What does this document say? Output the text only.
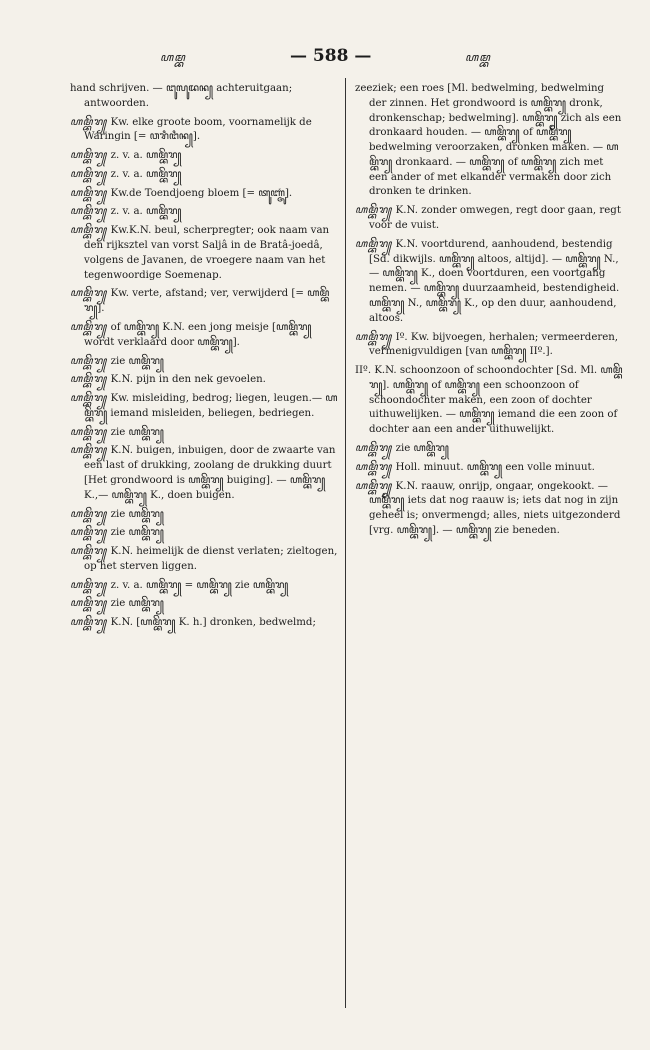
ꦲꦩ꧀ꦧ	— 588 —	ꦲꦩ꧀ꦧ

hand schrijven. — ꦔꦸꦭꦸꦢꦤ꧀ achteruitgaan; antwoorden.

ꦲꦩ꧀ꦧꦼꦫ꧀ Kw. elke groote boom, voornamelijk de Waringin [= ꦮꦫꦶꦔꦶꦤ꧀].

ꦲꦩ꧀ꦧꦼꦫ꧀ z. v. a. ꦲꦩ꧀ꦧꦼꦫ꧀

ꦲꦩ꧀ꦧꦼꦫ꧀ z. v. a. ꦲꦩ꧀ꦧꦼꦫ꧀

ꦲꦩ꧀ꦧꦼꦫ꧀ Kw.de Toendjoeng bloem [= ꦠꦸꦚ꧀ꦗꦸꦁ].

ꦲꦩ꧀ꦧꦼꦫ꧀ z. v. a. ꦲꦩ꧀ꦧꦼꦫ꧀

ꦲꦩ꧀ꦧꦼꦫ꧀ Kw.K.N. beul, scherpregter; ook naam van den rijksztel van vorst Saljâ in de Bratâ-joedâ, volgens de Javanen, de vroegere naam van het tegenwoordige Soemenap.

ꦲꦩ꧀ꦧꦼꦫ꧀ Kw. verte, afstand; ver, verwijderd [= ꦲꦩ꧀ꦧꦼꦫ꧀].

ꦲꦩ꧀ꦧꦼꦫ꧀ of ꦲꦩ꧀ꦧꦼꦫ꧀ K.N. een jong meisje [ꦲꦩ꧀ꦧꦼꦫ꧀ wordt verklaard door ꦲꦩ꧀ꦧꦼꦫ꧀].

ꦲꦩ꧀ꦧꦼꦫ꧀ zie ꦲꦩ꧀ꦧꦼꦫ꧀

ꦲꦩ꧀ꦧꦼꦫ꧀ K.N. pijn in den nek gevoelen.

ꦲꦩ꧀ꦧꦼꦫ꧀ Kw. misleiding, bedrog; liegen, leugen.— ꦲꦩ꧀ꦧꦼꦫ꧀ iemand misleiden, beliegen, bedriegen.

ꦲꦩ꧀ꦧꦼꦫ꧀ zie ꦲꦩ꧀ꦧꦼꦫ꧀

ꦲꦩ꧀ꦧꦼꦫ꧀ K.N. buigen, inbuigen, door de zwaarte van een last of drukking, zoolang de drukking duurt [Het grondwoord is ꦲꦩ꧀ꦧꦼꦫ꧀ buiging]. — ꦲꦩ꧀ꦧꦼꦫ꧀ K.,— ꦲꦩ꧀ꦧꦼꦫ꧀ K., doen buigen.

ꦲꦩ꧀ꦧꦼꦫ꧀ zie ꦲꦩ꧀ꦧꦼꦫ꧀

ꦲꦩ꧀ꦧꦼꦫ꧀ zie ꦲꦩ꧀ꦧꦼꦫ꧀

ꦲꦩ꧀ꦧꦼꦫ꧀ K.N. heimelijk de dienst verlaten; zieltogen, op het sterven liggen.

ꦲꦩ꧀ꦧꦼꦫ꧀ z. v. a. ꦲꦩ꧀ꦧꦼꦫ꧀ = ꦲꦩ꧀ꦧꦼꦫ꧀ zie ꦲꦩ꧀ꦧꦼꦫ꧀

ꦲꦩ꧀ꦧꦼꦫ꧀ zie ꦲꦩ꧀ꦧꦼꦫ꧀

ꦲꦩ꧀ꦧꦼꦫ꧀ K.N. [ꦲꦩ꧀ꦧꦼꦫ꧀ K. h.] dronken, bedwelmd;

zeeziek; een roes [Ml. bedwelming, bedwelming der zinnen. Het grondwoord is ꦲꦩ꧀ꦧꦼꦫ꧀ dronk, dronkenschap; bedwelming]. ꦲꦩ꧀ꦧꦼꦫ꧀ zich als een dronkaard houden. — ꦲꦩ꧀ꦧꦼꦫ꧀ of ꦲꦩ꧀ꦧꦼꦫ꧀ bedwelming veroorzaken, dronken maken. — ꦲꦩ꧀ꦧꦼꦫ꧀ dronkaard. — ꦲꦩ꧀ꦧꦼꦫ꧀ of ꦲꦩ꧀ꦧꦼꦫ꧀ zich met een ander of met elkander vermaken door zich dronken te drinken.

ꦲꦩ꧀ꦧꦼꦫ꧀ K.N. zonder omwegen, regt door gaan, regt voor de vuist.

ꦲꦩ꧀ꦧꦼꦫ꧀ K.N. voortdurend, aanhoudend, bestendig [Sd. dikwijls. ꦲꦩ꧀ꦧꦼꦫ꧀ altoos, altijd]. — ꦲꦩ꧀ꦧꦼꦫ꧀ N.,— ꦲꦩ꧀ꦧꦼꦫ꧀ K., doen voortduren, een voortgang nemen. — ꦲꦩ꧀ꦧꦼꦫ꧀ duurzaamheid, bestendigheid. ꦲꦩ꧀ꦧꦼꦫ꧀ N., ꦲꦩ꧀ꦧꦼꦫ꧀ K., op den duur, aanhoudend, altoos.

ꦲꦩ꧀ꦧꦼꦫ꧀ Iº. Kw. bijvoegen, herhalen; vermeerderen, vermenigvuldigen [van ꦲꦩ꧀ꦧꦼꦫ꧀ IIº.].

IIº. K.N. schoonzoon of schoondochter [Sd. Ml. ꦲꦩ꧀ꦧꦼꦫ꧀]. ꦲꦩ꧀ꦧꦼꦫ꧀ of ꦲꦩ꧀ꦧꦼꦫ꧀ een schoonzoon of schoondochter maken, een zoon of dochter uithuwelijken. — ꦲꦩ꧀ꦧꦼꦫ꧀ iemand die een zoon of dochter aan een ander uithuwelijkt.

ꦲꦩ꧀ꦧꦼꦫ꧀ zie ꦲꦩ꧀ꦧꦼꦫ꧀

ꦲꦩ꧀ꦧꦼꦫ꧀ Holl. minuut. ꦲꦩ꧀ꦧꦼꦫ꧀ een volle minuut.

ꦲꦩ꧀ꦧꦼꦫ꧀ K.N. raauw, onrijp, ongaar, ongekookt. — ꦲꦩ꧀ꦧꦼꦫ꧀ iets dat nog raauw is; iets dat nog in zijn geheel is; onvermengd; alles, niets uitgezonderd [vrg. ꦲꦩ꧀ꦧꦼꦫ꧀]. — ꦲꦩ꧀ꦧꦼꦫ꧀ zie beneden.
